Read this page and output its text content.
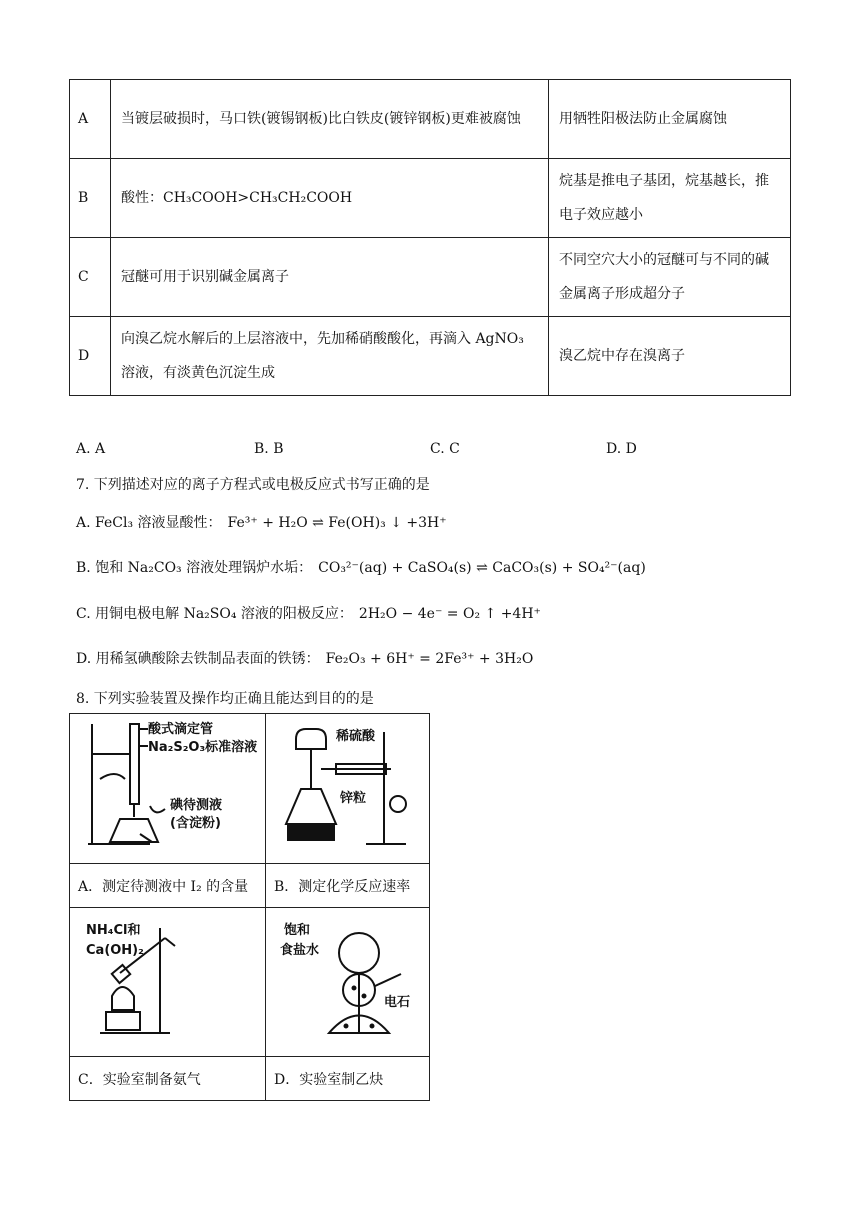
A	当镀层破损时，马口铁(镀锡钢板)比白铁皮(镀锌钢板)更难被腐蚀	用牺牲阳极法防止金属腐蚀
B	酸性：CH₃COOH>CH₃CH₂COOH	烷基是推电子基团，烷基越长，推电子效应越小
C	冠醚可用于识别碱金属离子	不同空穴大小的冠醚可与不同的碱金属离子形成超分子
D	向溴乙烷水解后的上层溶液中，先加稀硝酸酸化，再滴入 AgNO₃ 溶液，有淡黄色沉淀生成	溴乙烷中存在溴离子
A. A	B. B	C. C	D. D
7. 下列描述对应的离子方程式或电极反应式书写正确的是
A. FeCl₃ 溶液显酸性： Fe³⁺ + H₂O ⇌ Fe(OH)₃ ↓ +3H⁺
B. 饱和 Na₂CO₃ 溶液处理锅炉水垢： CO₃²⁻(aq) + CaSO₄(s) ⇌ CaCO₃(s) + SO₄²⁻(aq)
C. 用铜电极电解 Na₂SO₄ 溶液的阳极反应： 2H₂O − 4e⁻ = O₂ ↑ +4H⁺
D. 用稀氢碘酸除去铁制品表面的铁锈： Fe₂O₃ + 6H⁺ = 2Fe³⁺ + 3H₂O
8. 下列实验装置及操作均正确且能达到目的的是
酸式滴定管
Na₂S₂O₃标准溶液
碘待测液
(含淀粉)
稀硫酸
锌粒
A．测定待测液中 I₂ 的含量 B．测定化学反应速率
NH₄Cl和
Ca(OH)₂
饱和
食盐水
电石
C．实验室制备氨气	D．实验室制乙炔
